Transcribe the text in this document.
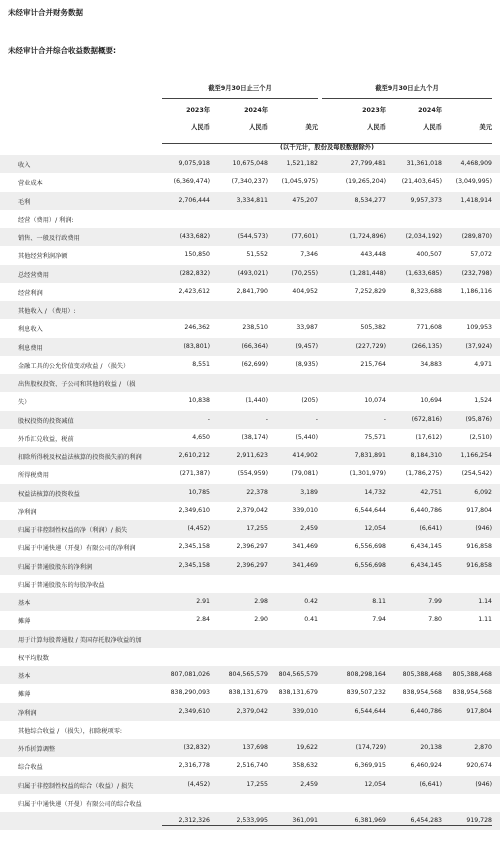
未经审计合并财务数据
未经审计合并综合收益数据概要:
截至9月30日止三个月	截至9月30日止九个月
2023年	2024年	2023年	2024年
人民币	人民币	美元	人民币	人民币	美元
(以千元计，股份及每股数据除外)
收入	9,075,918	10,675,048	1,521,182	27,799,481	31,361,018	4,468,909
营业成本	(6,369,474)	(7,340,237)	(1,045,975)	(19,265,204)	(21,403,645)	(3,049,995)
毛利	2,706,444	3,334,811	475,207	8,534,277	9,957,373	1,418,914
经营（费用）/ 利润:
销售、一般及行政费用	(433,682)	(544,573)	(77,601)	(1,724,896)	(2,034,192)	(289,870)
其他经营利润净额	150,850	51,552	7,346	443,448	400,507	57,072
总经营费用	(282,832)	(493,021)	(70,255)	(1,281,448)	(1,633,685)	(232,798)
经营利润	2,423,612	2,841,790	404,952	7,252,829	8,323,688	1,186,116
其他收入 / （费用）:
利息收入	246,362	238,510	33,987	505,382	771,608	109,953
利息费用	(83,801)	(66,364)	(9,457)	(227,729)	(266,135)	(37,924)
金融工具的公允价值变动收益 / （损失）	8,551	(62,699)	(8,935)	215,764	34,883	4,971
出售股权投资、子公司和其他的收益 / （损
失）	10,838	(1,440)	(205)	10,074	10,694	1,524
股权投资的投资减值	-	-	-	-	(672,816)	(95,876)
外币汇兑收益，税前	4,650	(38,174)	(5,440)	75,571	(17,612)	(2,510)
扣除所得税及权益法核算的投资损失前的利润	2,610,212	2,911,623	414,902	7,831,891	8,184,310	1,166,254
所得税费用	(271,387)	(554,959)	(79,081)	(1,301,979)	(1,786,275)	(254,542)
权益法核算的投资收益	10,785	22,378	3,189	14,732	42,751	6,092
净利润	2,349,610	2,379,042	339,010	6,544,644	6,440,786	917,804
归属于非控制性权益的净（利润）/ 损失	(4,452)	17,255	2,459	12,054	(6,641)	(946)
归属于中通快递（开曼）有限公司的净利润	2,345,158	2,396,297	341,469	6,556,698	6,434,145	916,858
归属于普通股股东的净利润	2,345,158	2,396,297	341,469	6,556,698	6,434,145	916,858
归属于普通股股东的每股净收益
基本	2.91	2.98	0.42	8.11	7.99	1.14
摊薄	2.84	2.90	0.41	7.94	7.80	1.11
用于计算每股普通股 / 美国存托股净收益的加
权平均股数
基本	807,081,026	804,565,579	804,565,579	808,298,164	805,388,468	805,388,468
摊薄	838,290,093	838,131,679	838,131,679	839,507,232	838,954,568	838,954,568
净利润	2,349,610	2,379,042	339,010	6,544,644	6,440,786	917,804
其他综合收益 / （损失），扣除税项零:
外币折算调整	(32,832)	137,698	19,622	(174,729)	20,138	2,870
综合收益	2,316,778	2,516,740	358,632	6,369,915	6,460,924	920,674
归属于非控制性权益的综合（收益）/ 损失	(4,452)	17,255	2,459	12,054	(6,641)	(946)
归属于中通快递（开曼）有限公司的综合收益
2,312,326	2,533,995	361,091	6,381,969	6,454,283	919,728
